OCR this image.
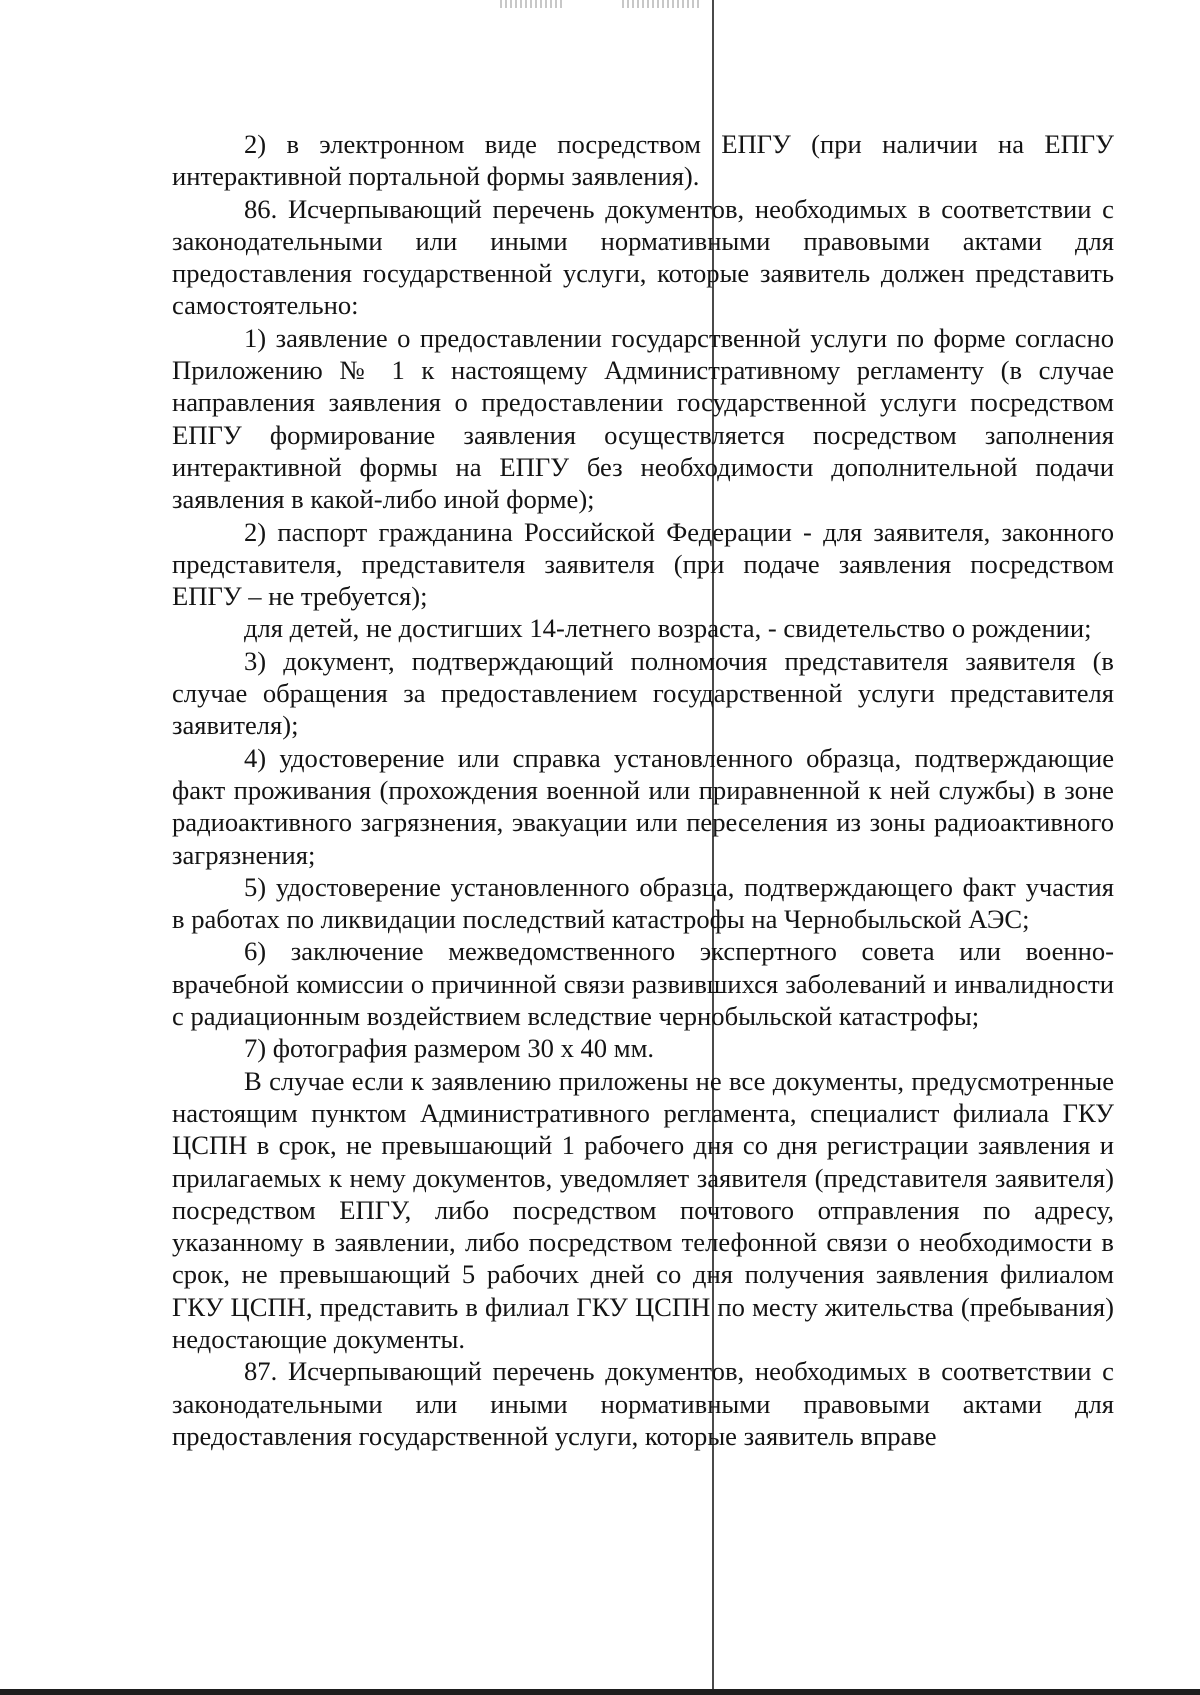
2) в электронном виде посредством ЕПГУ (при наличии на ЕПГУ интерактивной портальной формы заявления).

86. Исчерпывающий перечень документов, необходимых в соответствии с законодательными или иными нормативными правовыми актами для предоставления государственной услуги, которые заявитель должен представить самостоятельно:

1) заявление о предоставлении государственной услуги по форме согласно Приложению № 1 к настоящему Административному регламенту (в случае направления заявления о предоставлении государственной услуги посредством ЕПГУ формирование заявления осуществляется посредством заполнения интерактивной формы на ЕПГУ без необходимости дополнительной подачи заявления в какой-либо иной форме);

2) паспорт гражданина Российской Федерации - для заявителя, законного представителя, представителя заявителя (при подаче заявления посредством ЕПГУ – не требуется);

для детей, не достигших 14-летнего возраста, - свидетельство о рождении;

3) документ, подтверждающий полномочия представителя заявителя (в случае обращения за предоставлением государственной услуги представителя заявителя);

4) удостоверение или справка установленного образца, подтверждающие факт проживания (прохождения военной или приравненной к ней службы) в зоне радиоактивного загрязнения, эвакуации или переселения из зоны радиоактивного загрязнения;

5) удостоверение установленного образца, подтверждающего факт участия в работах по ликвидации последствий катастрофы на Чернобыльской АЭС;

6) заключение межведомственного экспертного совета или военно-врачебной комиссии о причинной связи развившихся заболеваний и инвалидности с радиационным воздействием вследствие чернобыльской катастрофы;

7) фотография размером 30 х 40 мм.

В случае если к заявлению приложены не все документы, предусмотренные настоящим пунктом Административного регламента, специалист филиала ГКУ ЦСПН в срок, не превышающий 1 рабочего дня со дня регистрации заявления и прилагаемых к нему документов, уведомляет заявителя (представителя заявителя) посредством ЕПГУ, либо посредством почтового отправления по адресу, указанному в заявлении, либо посредством телефонной связи о необходимости в срок, не превышающий 5 рабочих дней со дня получения заявления филиалом ГКУ ЦСПН, представить в филиал ГКУ ЦСПН по месту жительства (пребывания) недостающие документы.

87. Исчерпывающий перечень документов, необходимых в соответствии с законодательными или иными нормативными правовыми актами для предоставления государственной услуги, которые заявитель вправе
